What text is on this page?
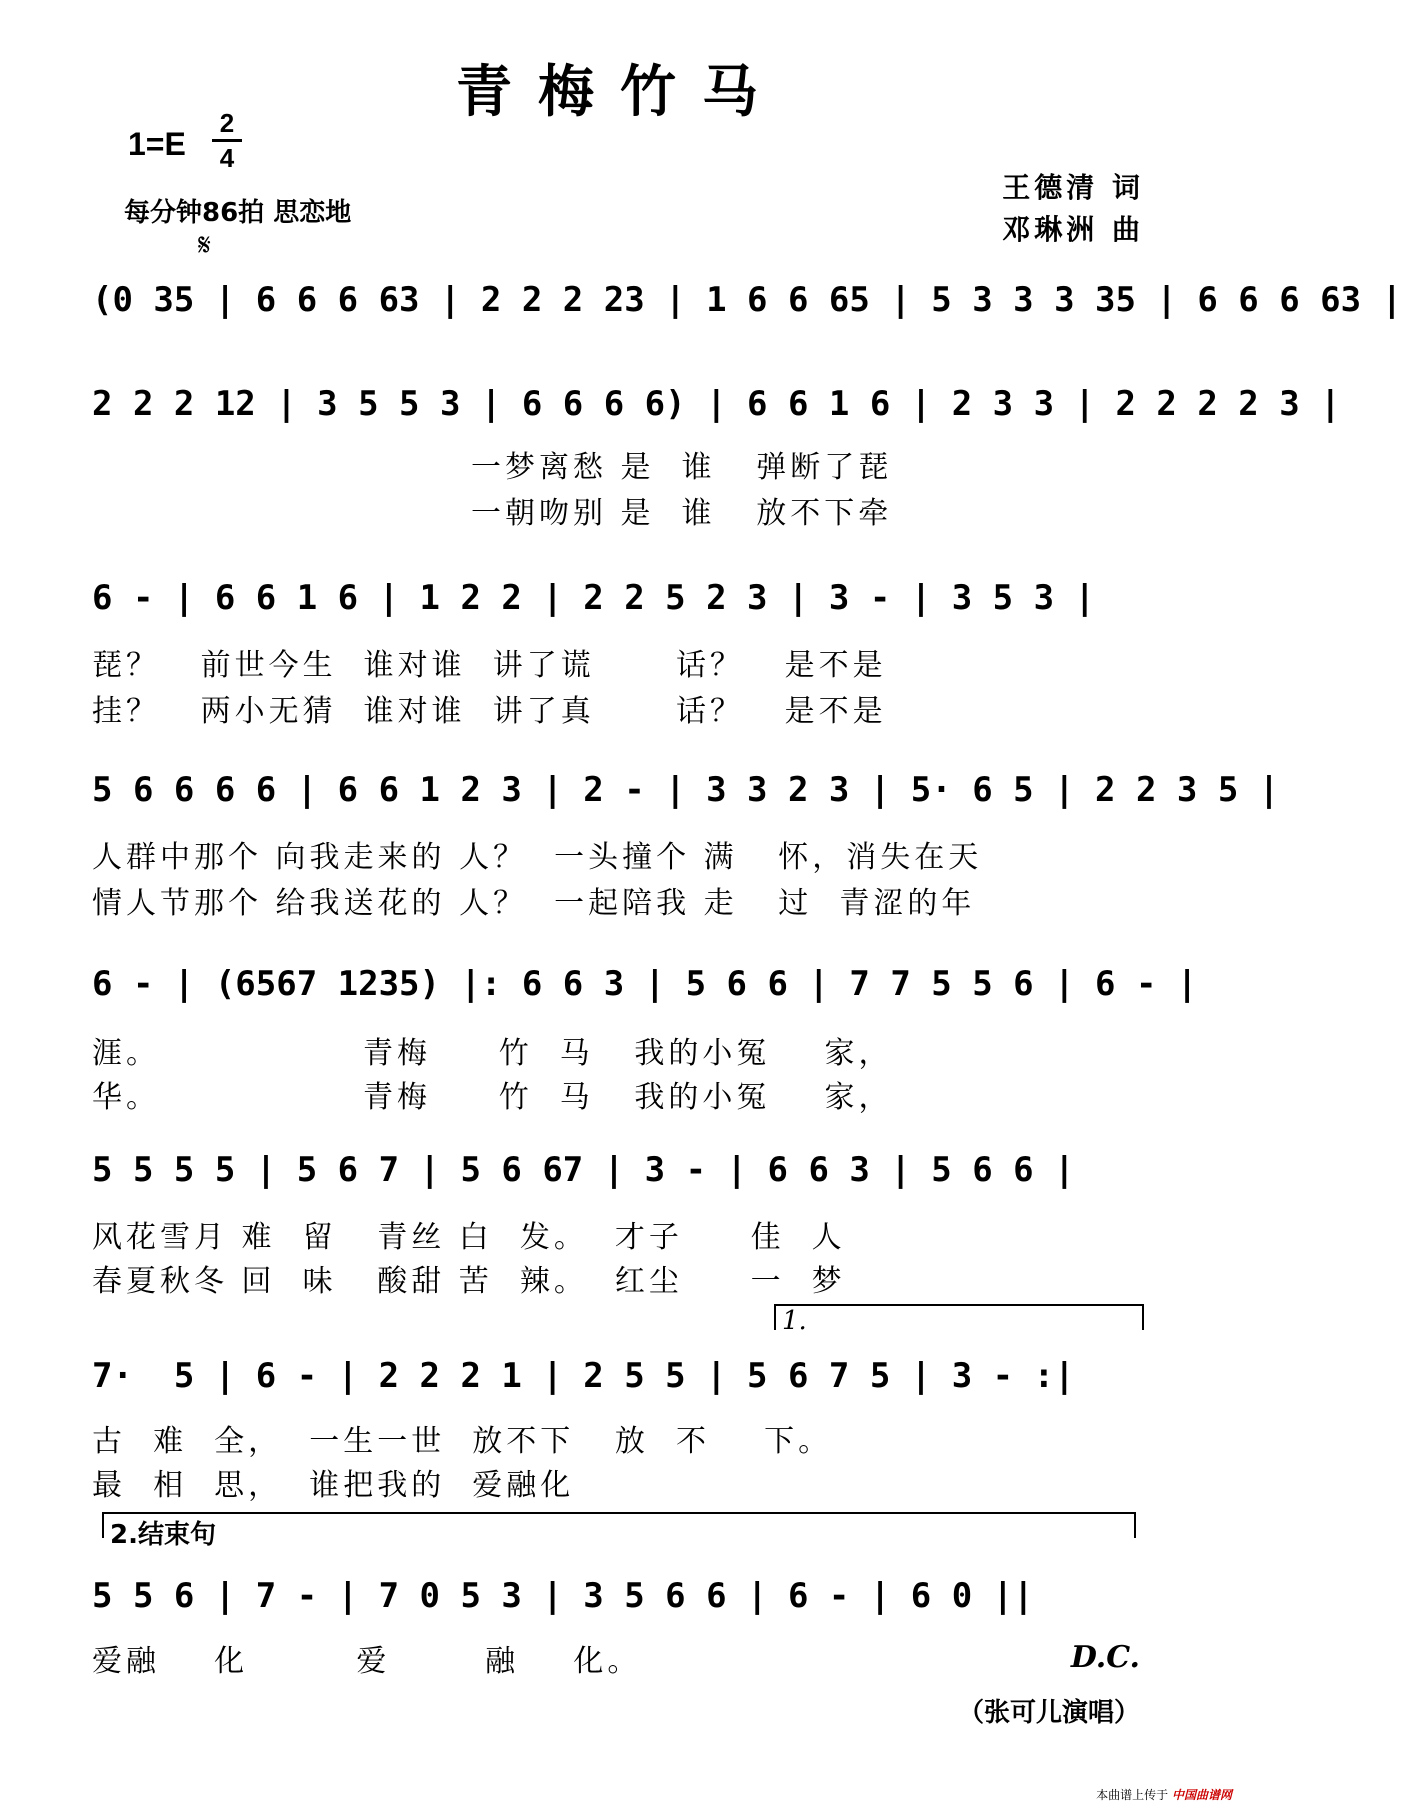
青梅竹马
1=E
2
4
每分钟86拍 思恋地
𝄋
王德清 词
邓琳洲 曲
(0 35 | 6 6 6 63 | 2 2 2 23 | 1 6 6 65 | 5 3 3 3 35 | 6 6 6 63 |
2 2 2 12 | 3 5 5 3 | 6 6 6 6) | 6 6 1 6 | 2 3 3 | 2 2 2 2 3 |
一梦离愁 是  谁   弹断了琵
一朝吻别 是  谁   放不下牵
6 - | 6 6 1 6 | 1 2 2 | 2 2 5 2 3 | 3 - | 3 5 3 |
琵？   前世今生  谁对谁  讲了谎      话？   是不是
挂？   两小无猜  谁对谁  讲了真      话？   是不是
5 6 6 6 6 | 6 6 1 2 3 | 2 - | 3 3 2 3 | 5· 6 5 | 2 2 3 5 |
人群中那个 向我走来的 人？  一头撞个 满   怀，消失在天
情人节那个 给我送花的 人？  一起陪我 走   过  青涩的年
6 - | (6567 1235) |: 6 6 3 | 5 6 6 | 7 7 5 5 6 | 6 - |
涯。               青梅     竹  马   我的小冤    家，
华。               青梅     竹  马   我的小冤    家，
5 5 5 5 | 5 6 7 | 5 6 67 | 3 - | 6 6 3 | 5 6 6 |
风花雪月 难  留   青丝 白  发。  才子     佳  人
春夏秋冬 回  味   酸甜 苦  辣。  红尘     一  梦
1.
7·  5 | 6 - | 2 2 2 1 | 2 5 5 | 5 6 7 5 | 3 - :|
古  难  全，  一生一世  放不下   放  不    下。
最  相  思，  谁把我的  爱融化
2.结束句
5 5 6 | 7 - | 7 0 5 3 | 3 5 6 6 | 6 - | 6 0 ||
爱融    化        爱       融    化。	D.C.
（张可儿演唱）
本曲谱上传于 中国曲谱网
